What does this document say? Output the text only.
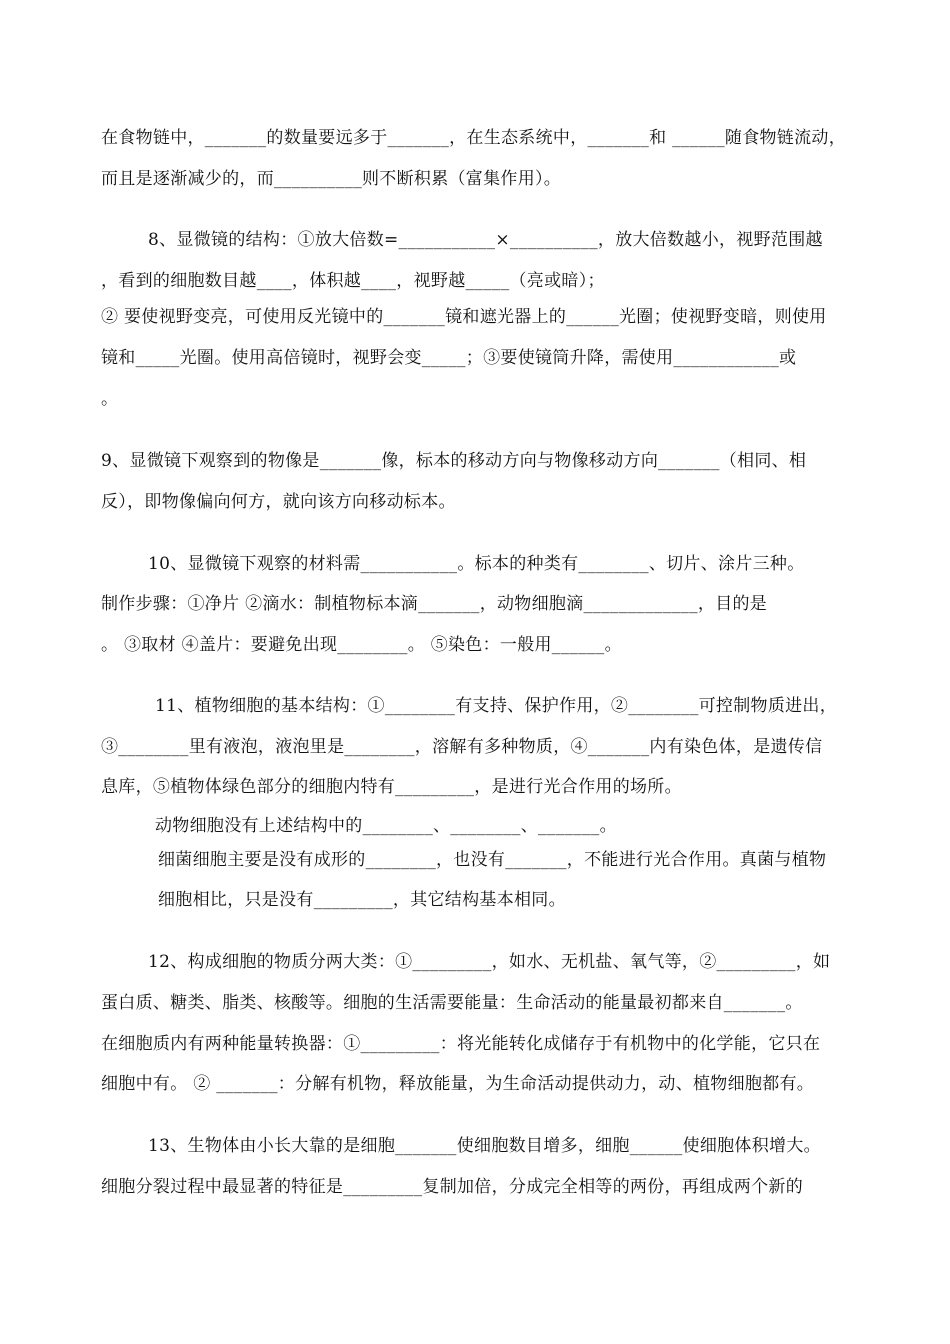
在食物链中，_______的数量要远多于_______，在生态系统中，_______和 ______随食物链流动，
而且是逐渐减少的，而__________则不断积累（富集作用）。
8、显微镜的结构：①放大倍数=___________×__________，放大倍数越小，视野范围越
，看到的细胞数目越____，体积越____，视野越_____（亮或暗）；
② 要使视野变亮，可使用反光镜中的_______镜和遮光器上的______光圈；使视野变暗，则使用
镜和_____光圈。使用高倍镜时，视野会变_____；③要使镜筒升降，需使用____________或
。
9、显微镜下观察到的物像是_______像，标本的移动方向与物像移动方向_______（相同、相
反），即物像偏向何方，就向该方向移动标本。
10、显微镜下观察的材料需___________。标本的种类有________、切片、涂片三种。
制作步骤：①净片 ②滴水：制植物标本滴_______，动物细胞滴_____________，目的是
。 ③取材 ④盖片：要避免出现________。 ⑤染色：一般用______。
11、植物细胞的基本结构：①________有支持、保护作用，②________可控制物质进出，
③________里有液泡，液泡里是________，溶解有多种物质，④_______内有染色体，是遗传信
息库，⑤植物体绿色部分的细胞内特有_________，是进行光合作用的场所。
动物细胞没有上述结构中的________、________、_______。
细菌细胞主要是没有成形的________，也没有_______，不能进行光合作用。真菌与植物
细胞相比，只是没有_________，其它结构基本相同。
12、构成细胞的物质分两大类：①_________，如水、无机盐、氧气等，②_________，如
蛋白质、糖类、脂类、核酸等。细胞的生活需要能量：生命活动的能量最初都来自_______。
在细胞质内有两种能量转换器：①_________：将光能转化成储存于有机物中的化学能，它只在
细胞中有。 ② _______：分解有机物，释放能量，为生命活动提供动力，动、植物细胞都有。
13、生物体由小长大靠的是细胞_______使细胞数目增多，细胞______使细胞体积增大。
细胞分裂过程中最显著的特征是_________复制加倍，分成完全相等的两份，再组成两个新的
